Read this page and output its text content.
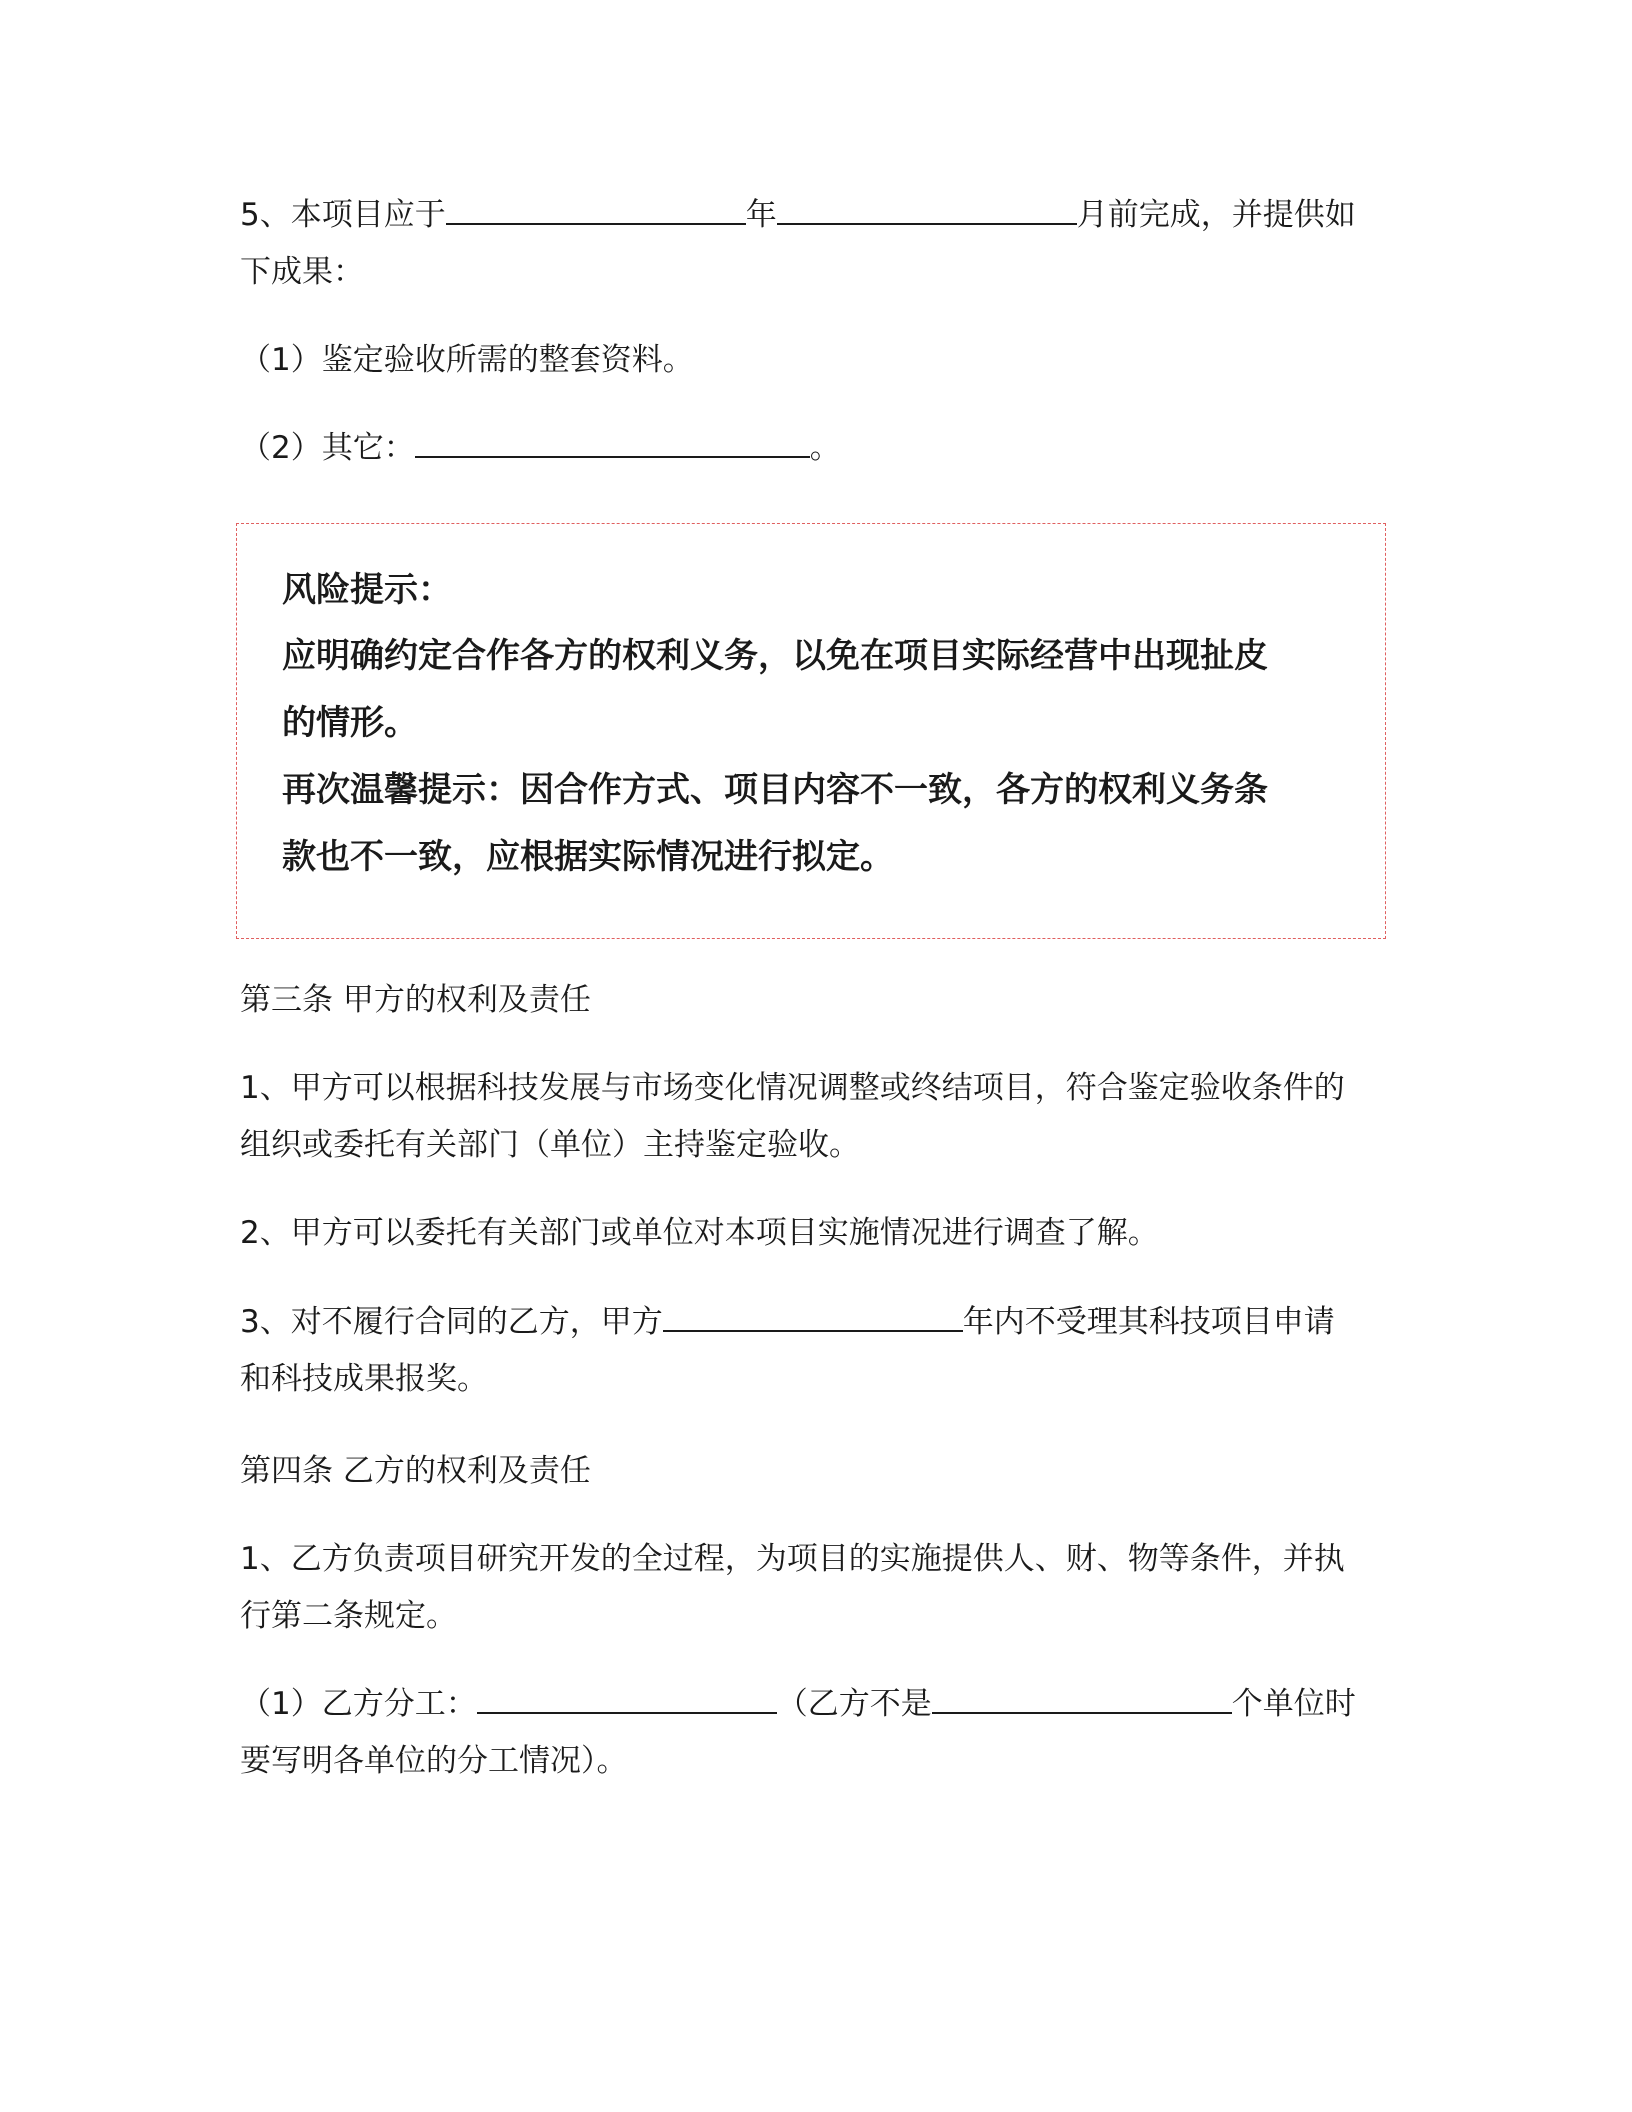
5、本项目应于	年	月前完成，并提供如
下成果：
（1）鉴定验收所需的整套资料。
（2）其它：	。
风险提示：
应明确约定合作各方的权利义务，以免在项目实际经营中出现扯皮
的情形。
再次温馨提示：因合作方式、项目内容不一致，各方的权利义务条
款也不一致，应根据实际情况进行拟定。
第三条 甲方的权利及责任
1、甲方可以根据科技发展与市场变化情况调整或终结项目，符合鉴定验收条件的
组织或委托有关部门（单位）主持鉴定验收。
2、甲方可以委托有关部门或单位对本项目实施情况进行调查了解。
3、对不履行合同的乙方，甲方	年内不受理其科技项目申请
和科技成果报奖。
第四条 乙方的权利及责任
1、乙方负责项目研究开发的全过程，为项目的实施提供人、财、物等条件，并执
行第二条规定。
（1）乙方分工：	（乙方不是	个单位时
要写明各单位的分工情况）。
